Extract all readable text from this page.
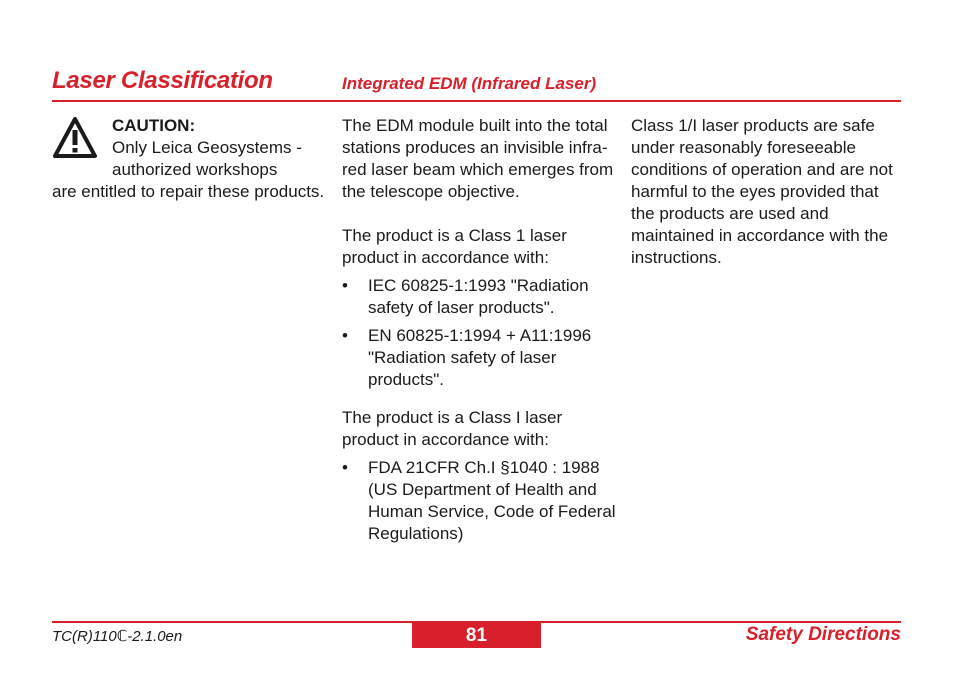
Laser Classification	Integrated EDM (Infrared Laser)
CAUTION:
Only Leica Geosystems -
authorized workshops
are entitled to repair these products.

The EDM module built into the total stations produces an invisible infra-red laser beam which emerges from the telescope objective.

The product is a Class 1 laser product in accordance with:

• IEC 60825-1:1993 "Radiation safety of laser products".
• EN 60825-1:1994 + A11:1996 "Radiation safety of laser products".

The product is a Class I laser product in accordance with:

• FDA 21CFR Ch.I §1040 : 1988 (US Department of Health and Human Service, Code of Federal Regulations)

Class 1/I laser products are safe under reasonably foreseeable conditions of operation and are not harmful to the eyes provided that the products are used and maintained in accordance with the instructions.

TC(R)110ℂ-2.1.0en	81	Safety Directions
